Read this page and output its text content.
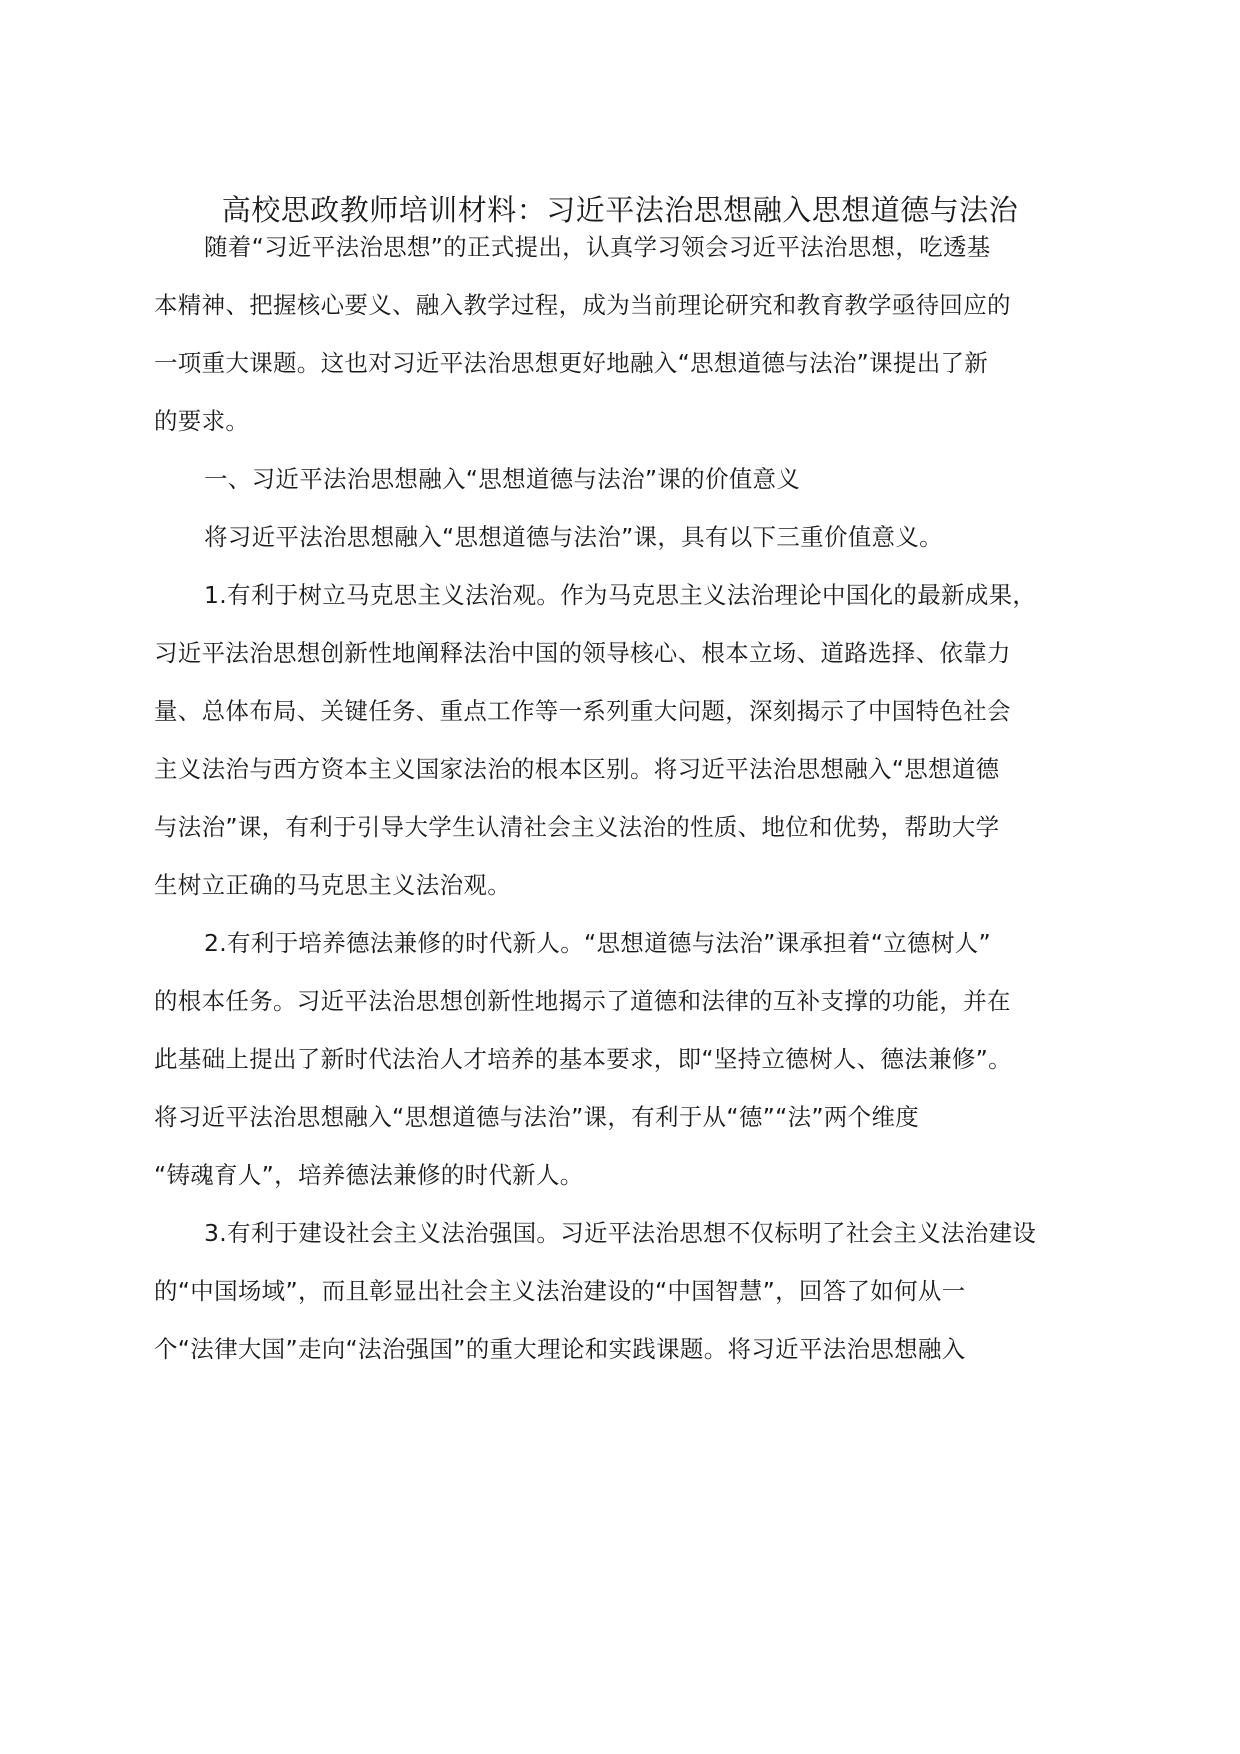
高校思政教师培训材料：习近平法治思想融入思想道德与法治
随着“习近平法治思想”的正式提出，认真学习领会习近平法治思想，吃透基
本精神、把握核心要义、融入教学过程，成为当前理论研究和教育教学亟待回应的
一项重大课题。这也对习近平法治思想更好地融入“思想道德与法治”课提出了新
的要求。
一、习近平法治思想融入“思想道德与法治”课的价值意义
将习近平法治思想融入“思想道德与法治”课，具有以下三重价值意义。
1.有利于树立马克思主义法治观。作为马克思主义法治理论中国化的最新成果，
习近平法治思想创新性地阐释法治中国的领导核心、根本立场、道路选择、依靠力
量、总体布局、关键任务、重点工作等一系列重大问题，深刻揭示了中国特色社会
主义法治与西方资本主义国家法治的根本区别。将习近平法治思想融入“思想道德
与法治”课，有利于引导大学生认清社会主义法治的性质、地位和优势，帮助大学
生树立正确的马克思主义法治观。
2.有利于培养德法兼修的时代新人。“思想道德与法治”课承担着“立德树人”
的根本任务。习近平法治思想创新性地揭示了道德和法律的互补支撑的功能，并在
此基础上提出了新时代法治人才培养的基本要求，即“坚持立德树人、德法兼修”。
将习近平法治思想融入“思想道德与法治”课，有利于从“德”“法”两个维度
“铸魂育人”，培养德法兼修的时代新人。
3.有利于建设社会主义法治强国。习近平法治思想不仅标明了社会主义法治建设
的“中国场域”，而且彰显出社会主义法治建设的“中国智慧”，回答了如何从一
个“法律大国”走向“法治强国”的重大理论和实践课题。将习近平法治思想融入
